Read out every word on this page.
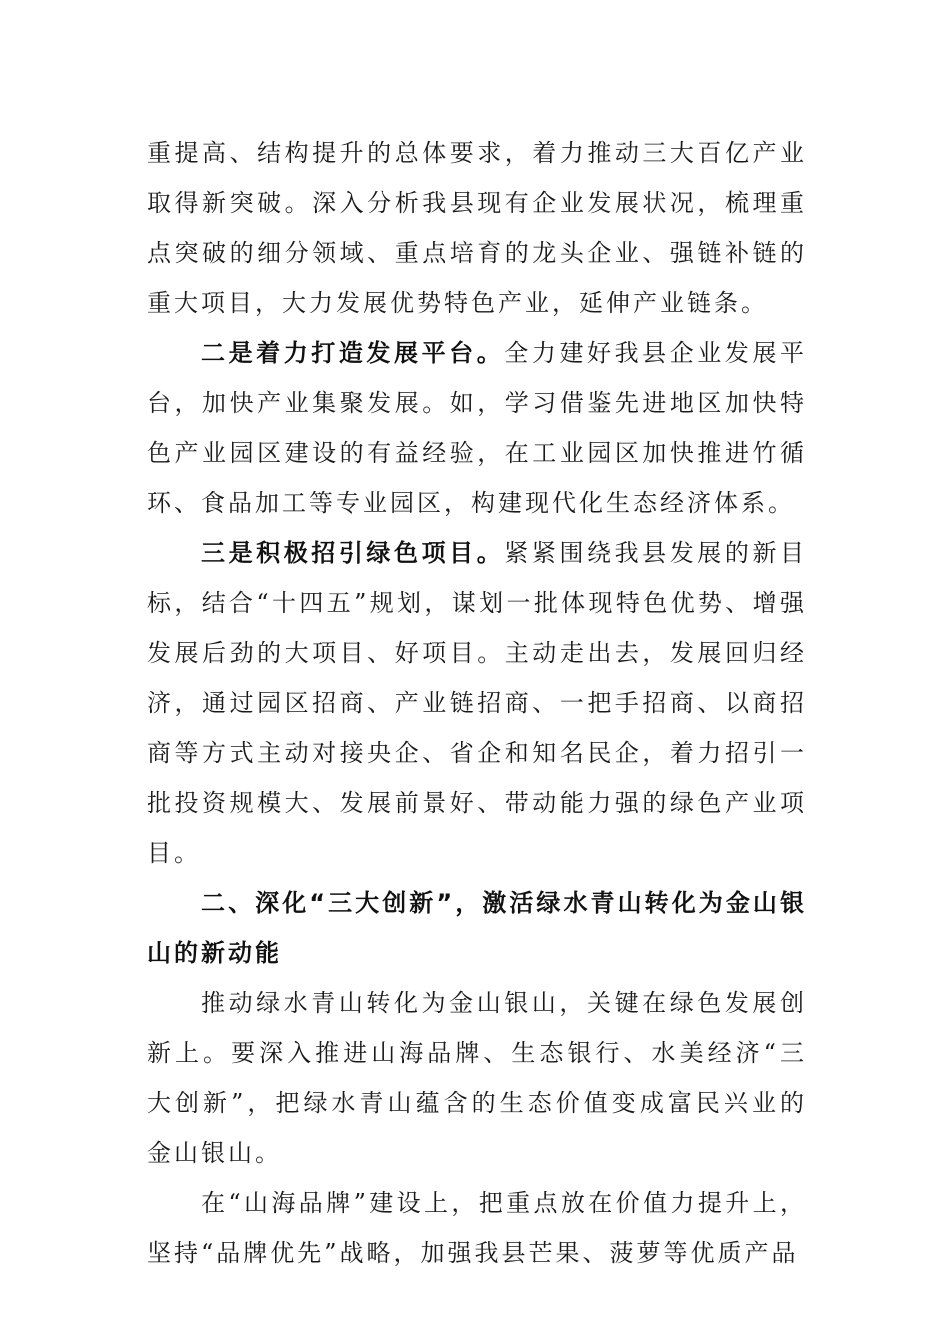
重提高、结构提升的总体要求，着力推动三大百亿产业取得新突破。深入分析我县现有企业发展状况，梳理重点突破的细分领域、重点培育的龙头企业、强链补链的重大项目，大力发展优势特色产业，延伸产业链条。

二是着力打造发展平台。全力建好我县企业发展平台，加快产业集聚发展。如，学习借鉴先进地区加快特色产业园区建设的有益经验，在工业园区加快推进竹循环、食品加工等专业园区，构建现代化生态经济体系。

三是积极招引绿色项目。紧紧围绕我县发展的新目标，结合“十四五”规划，谋划一批体现特色优势、增强发展后劲的大项目、好项目。主动走出去，发展回归经济，通过园区招商、产业链招商、一把手招商、以商招商等方式主动对接央企、省企和知名民企，着力招引一批投资规模大、发展前景好、带动能力强的绿色产业项目。

二、深化“三大创新”，激活绿水青山转化为金山银山的新动能

推动绿水青山转化为金山银山，关键在绿色发展创新上。要深入推进山海品牌、生态银行、水美经济“三大创新”，把绿水青山蕴含的生态价值变成富民兴业的金山银山。

在“山海品牌”建设上，把重点放在价值力提升上，坚持“品牌优先”战略，加强我县芒果、菠萝等优质产品
